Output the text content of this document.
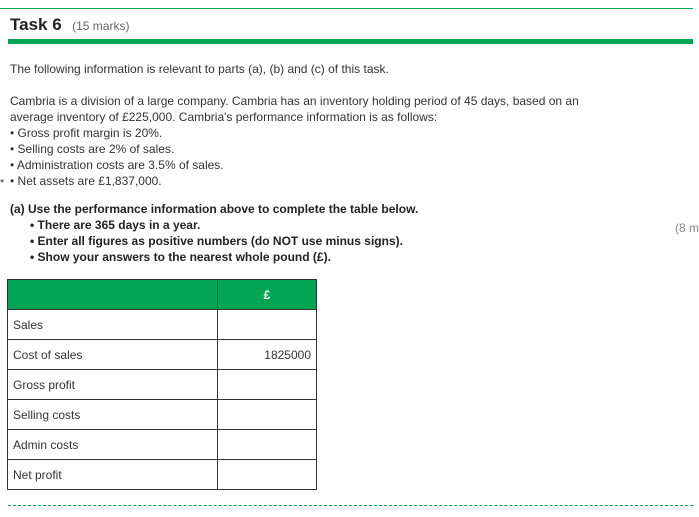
Task 6 (15 marks)
The following information is relevant to parts (a), (b) and (c) of this task.
•

Cambria is a division of a large company. Cambria has an inventory holding period of 45 days, based on an

average inventory of £225,000. Cambria's performance information is as follows:

• Gross profit margin is 20%.
• Selling costs are 2% of sales.
• Administration costs are 3.5% of sales.
• Net assets are £1,837,000.
(a) Use the performance information above to complete the table below.
• There are 365 days in a year.
• Enter all figures as positive numbers (do NOT use minus signs).
• Show your answers to the nearest whole pound (£).
(8 m
	£
Sales	
Cost of sales	1825000
Gross profit	
Selling costs	
Admin costs	
Net profit	
